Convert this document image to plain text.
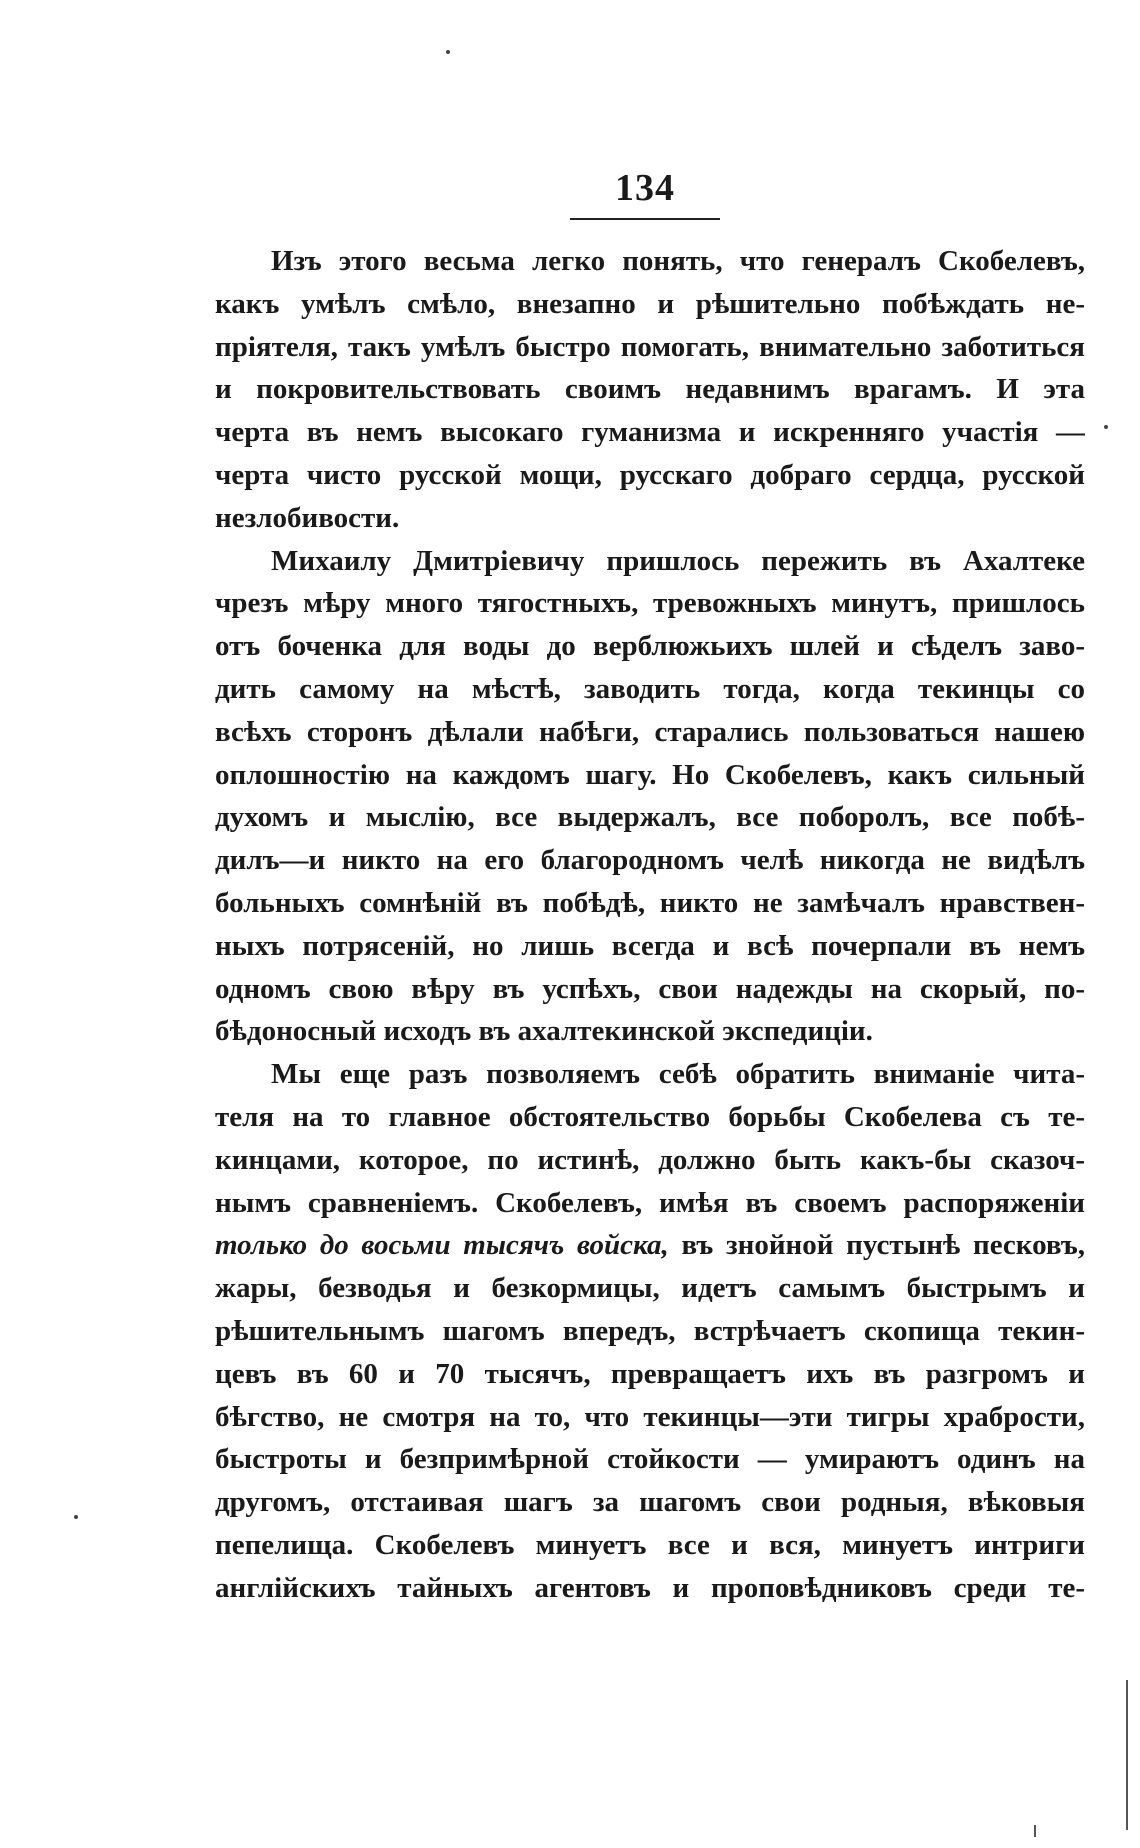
134
Изъ этого весьма легко понять, что генералъ Скобелевъ,
какъ умѣлъ смѣло, внезапно и рѣшительно побѣждать не-
пріятеля, такъ умѣлъ быстро помогать, внимательно заботиться
и покровительствовать своимъ недавнимъ врагамъ. И эта
черта въ немъ высокаго гуманизма и искренняго участія —
черта чисто русской мощи, русскаго добраго сердца, русской
незлобивости.
Михаилу Дмитріевичу пришлось пережить въ Ахалтеке
чрезъ мѣру много тягостныхъ, тревожныхъ минутъ, пришлось
отъ боченка для воды до верблюжьихъ шлей и сѣделъ заво-
дить самому на мѣстѣ, заводить тогда, когда текинцы со
всѣхъ сторонъ дѣлали набѣги, старались пользоваться нашею
оплошностію на каждомъ шагу. Но Скобелевъ, какъ сильный
духомъ и мыслію, все выдержалъ, все поборолъ, все побѣ-
дилъ—и никто на его благородномъ челѣ никогда не видѣлъ
больныхъ сомнѣній въ побѣдѣ, никто не замѣчалъ нравствен-
ныхъ потрясеній, но лишь всегда и всѣ почерпали въ немъ
одномъ свою вѣру въ успѣхъ, свои надежды на скорый, по-
бѣдоносный исходъ въ ахалтекинской экспедиціи.
Мы еще разъ позволяемъ себѣ обратить вниманіе чита-
теля на то главное обстоятельство борьбы Скобелева съ те-
кинцами, которое, по истинѣ, должно быть какъ-бы сказоч-
нымъ сравненіемъ. Скобелевъ, имѣя въ своемъ распоряженіи
только до восьми тысячъ войска, въ знойной пустынѣ песковъ,
жары, безводья и безкормицы, идетъ самымъ быстрымъ и
рѣшительнымъ шагомъ впередъ, встрѣчаетъ скопища текин-
цевъ въ 60 и 70 тысячъ, превращаетъ ихъ въ разгромъ и
бѣгство, не смотря на то, что текинцы—эти тигры храбрости,
быстроты и безпримѣрной стойкости — умираютъ одинъ на
другомъ, отстаивая шагъ за шагомъ свои родныя, вѣковыя
пепелища. Скобелевъ минуетъ все и вся, минуетъ интриги
англійскихъ тайныхъ агентовъ и проповѣдниковъ среди те-
